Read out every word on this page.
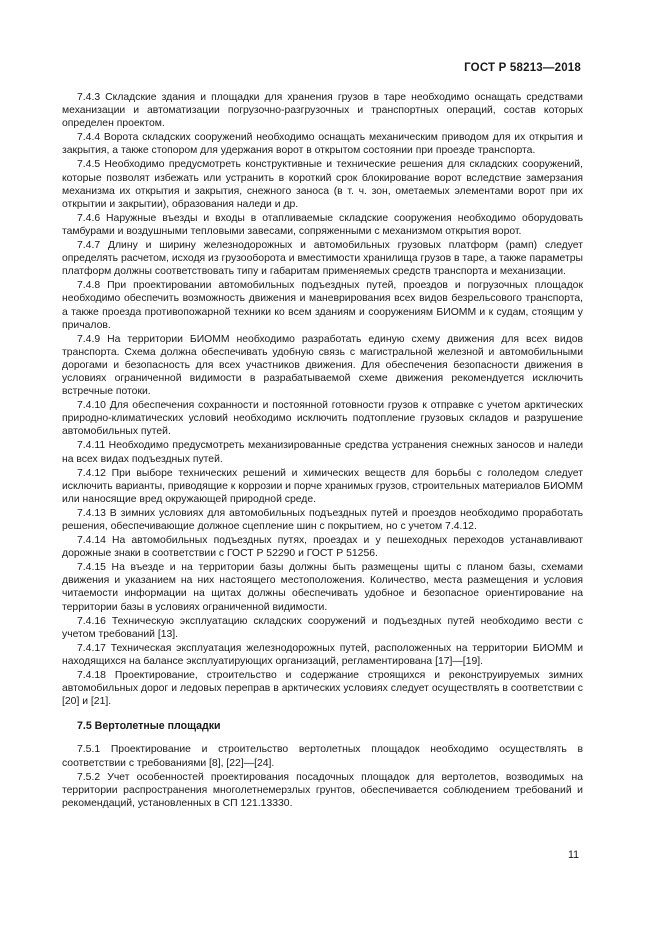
ГОСТ Р 58213—2018

7.4.3 Складские здания и площадки для хранения грузов в таре необходимо оснащать средствами механизации и автоматизации погрузочно-разгрузочных и транспортных операций, состав которых определен проектом.

7.4.4 Ворота складских сооружений необходимо оснащать механическим приводом для их открытия и закрытия, а также стопором для удержания ворот в открытом состоянии при проезде транспорта.

7.4.5 Необходимо предусмотреть конструктивные и технические решения для складских сооружений, которые позволят избежать или устранить в короткий срок блокирование ворот вследствие замерзания механизма их открытия и закрытия, снежного заноса (в т. ч. зон, ометаемых элементами ворот при их открытии и закрытии), образования наледи и др.

7.4.6 Наружные въезды и входы в отапливаемые складские сооружения необходимо оборудовать тамбурами и воздушными тепловыми завесами, сопряженными с механизмом открытия ворот.

7.4.7 Длину и ширину железнодорожных и автомобильных грузовых платформ (рамп) следует определять расчетом, исходя из грузооборота и вместимости хранилища грузов в таре, а также параметры платформ должны соответствовать типу и габаритам применяемых средств транспорта и механизации.

7.4.8 При проектировании автомобильных подъездных путей, проездов и погрузочных площадок необходимо обеспечить возможность движения и маневрирования всех видов безрельсового транспорта, а также проезда противопожарной техники ко всем зданиям и сооружениям БИОММ и к судам, стоящим у причалов.

7.4.9 На территории БИОММ необходимо разработать единую схему движения для всех видов транспорта. Схема должна обеспечивать удобную связь с магистральной железной и автомобильными дорогами и безопасность для всех участников движения. Для обеспечения безопасности движения в условиях ограниченной видимости в разрабатываемой схеме движения рекомендуется исключить встречные потоки.

7.4.10 Для обеспечения сохранности и постоянной готовности грузов к отправке с учетом арктических природно-климатических условий необходимо исключить подтопление грузовых складов и разрушение автомобильных путей.

7.4.11 Необходимо предусмотреть механизированные средства устранения снежных заносов и наледи на всех видах подъездных путей.

7.4.12 При выборе технических решений и химических веществ для борьбы с гололедом следует исключить варианты, приводящие к коррозии и порче хранимых грузов, строительных материалов БИОММ или наносящие вред окружающей природной среде.

7.4.13 В зимних условиях для автомобильных подъездных путей и проездов необходимо проработать решения, обеспечивающие должное сцепление шин с покрытием, но с учетом 7.4.12.

7.4.14 На автомобильных подъездных путях, проездах и у пешеходных переходов устанавливают дорожные знаки в соответствии с ГОСТ Р 52290 и ГОСТ Р 51256.

7.4.15 На въезде и на территории базы должны быть размещены щиты с планом базы, схемами движения и указанием на них настоящего местоположения. Количество, места размещения и условия читаемости информации на щитах должны обеспечивать удобное и безопасное ориентирование на территории базы в условиях ограниченной видимости.

7.4.16 Техническую эксплуатацию складских сооружений и подъездных путей необходимо вести с учетом требований [13].

7.4.17 Техническая эксплуатация железнодорожных путей, расположенных на территории БИОММ и находящихся на балансе эксплуатирующих организаций, регламентирована [17]—[19].

7.4.18 Проектирование, строительство и содержание строящихся и реконструируемых зимних автомобильных дорог и ледовых переправ в арктических условиях следует осуществлять в соответствии с [20] и [21].

7.5 Вертолетные площадки

7.5.1 Проектирование и строительство вертолетных площадок необходимо осуществлять в соответствии с требованиями [8], [22]—[24].

7.5.2 Учет особенностей проектирования посадочных площадок для вертолетов, возводимых на территории распространения многолетнемерзлых грунтов, обеспечивается соблюдением требований и рекомендаций, установленных в СП 121.13330.

11
